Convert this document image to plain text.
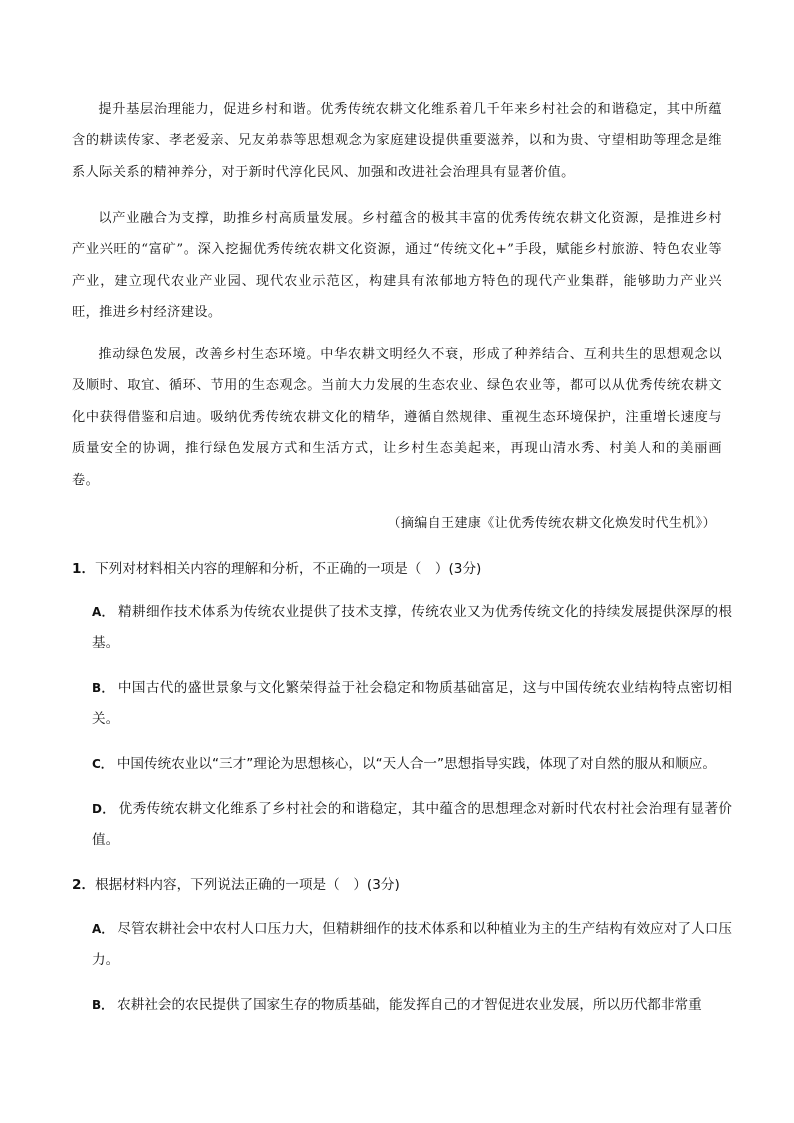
提升基层治理能力，促进乡村和谐。优秀传统农耕文化维系着几千年来乡村社会的和谐稳定，其中所蕴含的耕读传家、孝老爱亲、兄友弟恭等思想观念为家庭建设提供重要滋养，以和为贵、守望相助等理念是维系人际关系的精神养分，对于新时代淳化民风、加强和改进社会治理具有显著价值。

以产业融合为支撑，助推乡村高质量发展。乡村蕴含的极其丰富的优秀传统农耕文化资源，是推进乡村产业兴旺的“富矿”。深入挖掘优秀传统农耕文化资源，通过“传统文化+”手段，赋能乡村旅游、特色农业等产业，建立现代农业产业园、现代农业示范区，构建具有浓郁地方特色的现代产业集群，能够助力产业兴旺，推进乡村经济建设。

推动绿色发展，改善乡村生态环境。中华农耕文明经久不衰，形成了种养结合、互利共生的思想观念以及顺时、取宜、循环、节用的生态观念。当前大力发展的生态农业、绿色农业等，都可以从优秀传统农耕文化中获得借鉴和启迪。吸纳优秀传统农耕文化的精华，遵循自然规律、重视生态环境保护，注重增长速度与质量安全的协调，推行绿色发展方式和生活方式，让乡村生态美起来，再现山清水秀、村美人和的美丽画卷。

（摘编自王建康《让优秀传统农耕文化焕发时代生机》）

1．下列对材料相关内容的理解和分析，不正确的一项是（　）(3分)

A． 精耕细作技术体系为传统农业提供了技术支撑，传统农业又为优秀传统文化的持续发展提供深厚的根基。

B． 中国古代的盛世景象与文化繁荣得益于社会稳定和物质基础富足，这与中国传统农业结构特点密切相关。

C． 中国传统农业以“三才”理论为思想核心，以“天人合一”思想指导实践，体现了对自然的服从和顺应。

D． 优秀传统农耕文化维系了乡村社会的和谐稳定，其中蕴含的思想理念对新时代农村社会治理有显著价值。

2．根据材料内容，下列说法正确的一项是（　）(3分)

A． 尽管农耕社会中农村人口压力大，但精耕细作的技术体系和以种植业为主的生产结构有效应对了人口压力。

B． 农耕社会的农民提供了国家生存的物质基础，能发挥自己的才智促进农业发展，所以历代都非常重
